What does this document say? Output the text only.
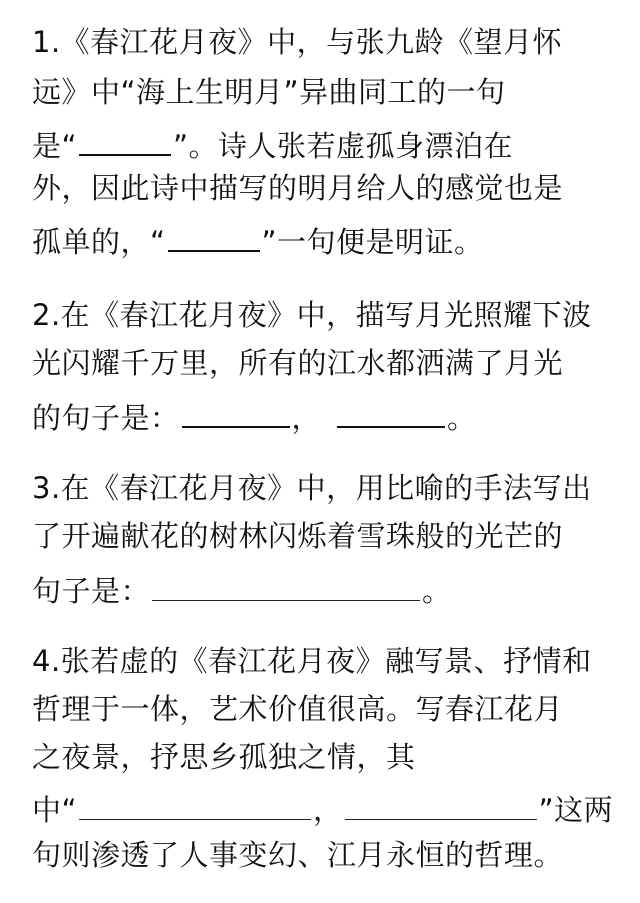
1.《春江花月夜》中，与张九龄《望月怀
远》中“海上生明月”异曲同工的一句
是“	”。诗人张若虚孤身漂泊在
外，因此诗中描写的明月给人的感觉也是
孤单的，“	”一句便是明证。
2.在《春江花月夜》中，描写月光照耀下波
光闪耀千万里，所有的江水都洒满了月光
的句子是：	，	。
3.在《春江花月夜》中，用比喻的手法写出
了开遍献花的树林闪烁着雪珠般的光芒的
句子是：	。
4.张若虚的《春江花月夜》融写景、抒情和
哲理于一体，艺术价值很高。写春江花月
之夜景，抒思乡孤独之情，其
中“	，	”这两
句则渗透了人事变幻、江月永恒的哲理。
